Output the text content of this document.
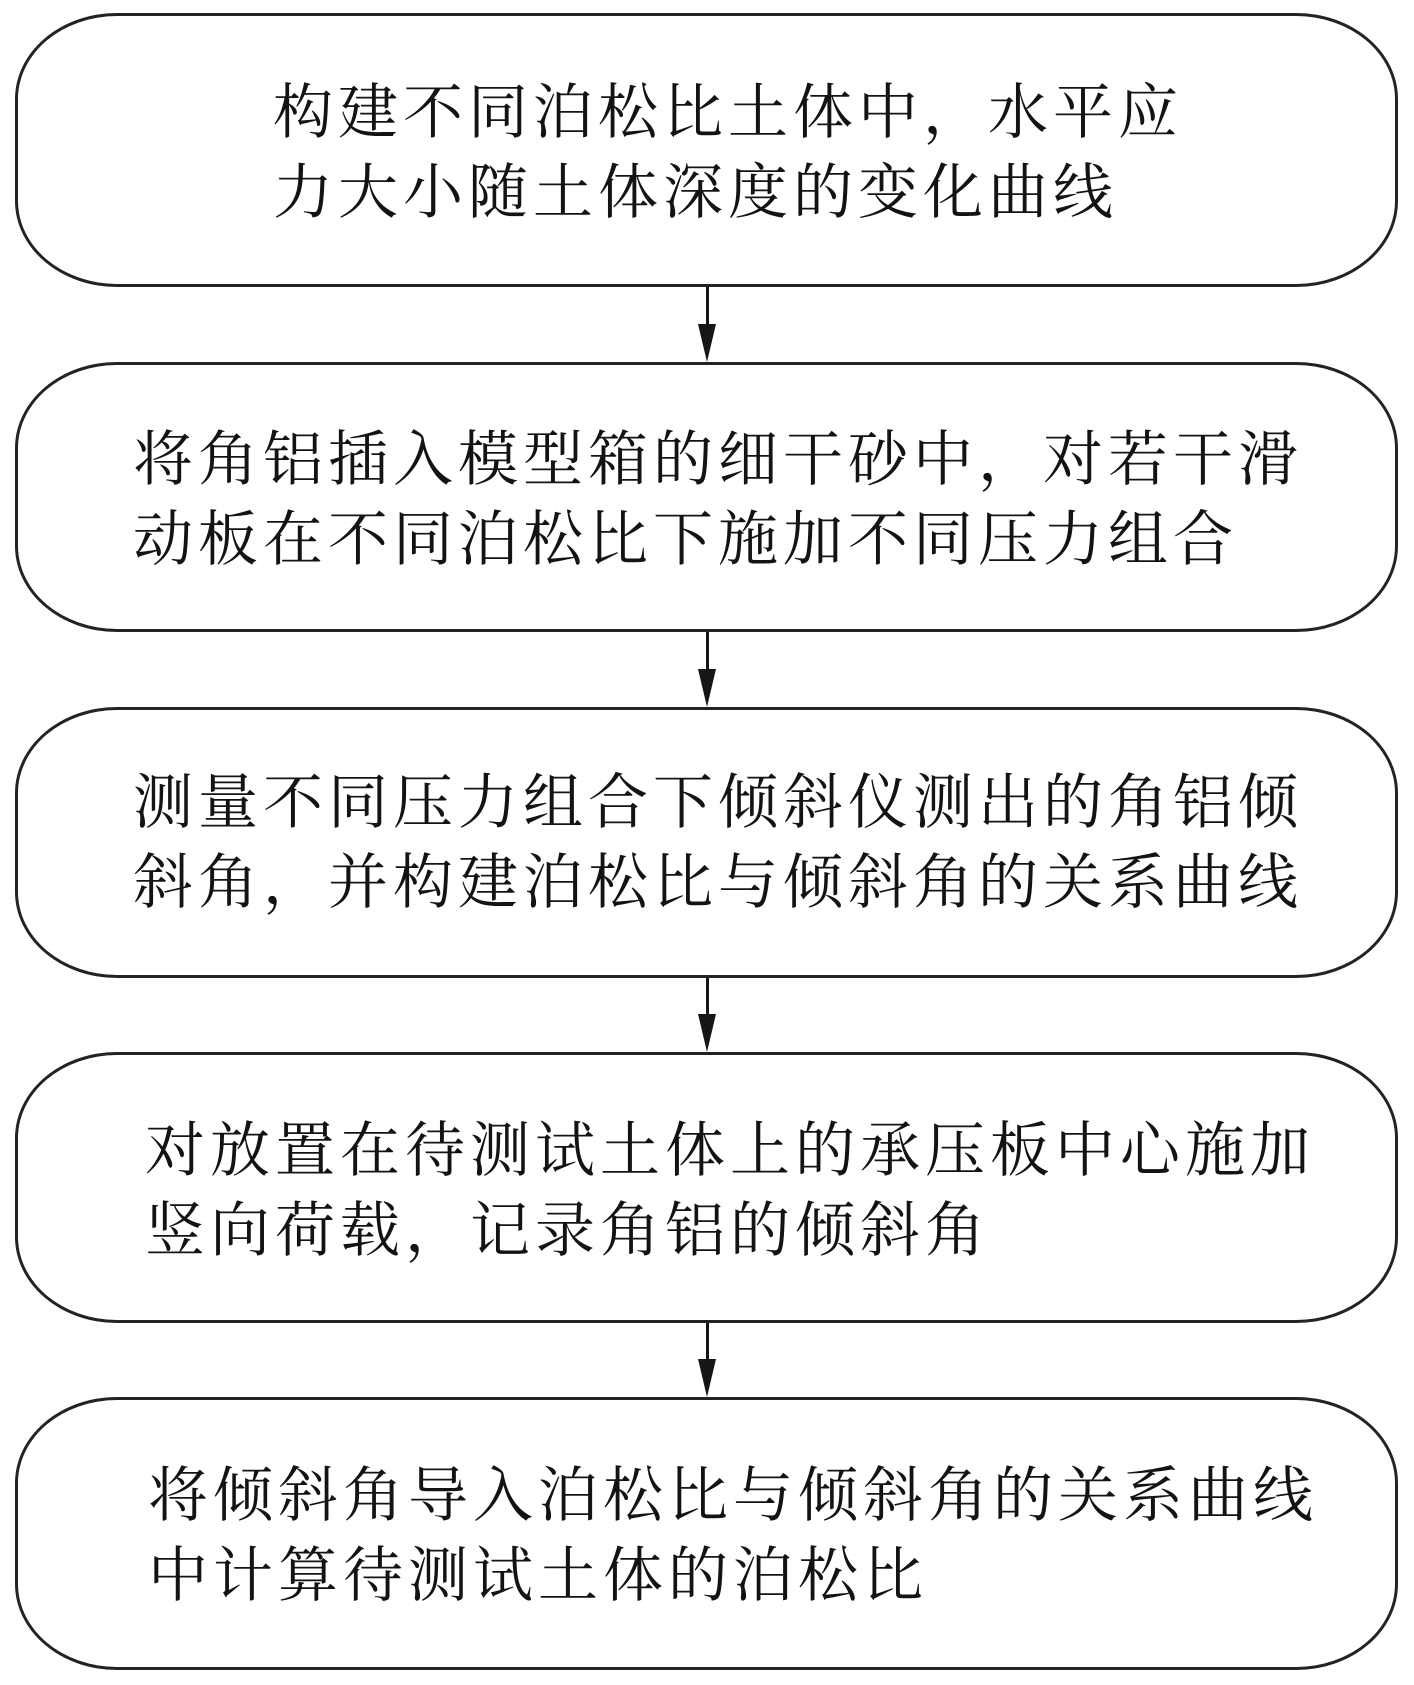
构建不同泊松比土体中，水平应
力大小随土体深度的变化曲线
将角铝插入模型箱的细干砂中，对若干滑
动板在不同泊松比下施加不同压力组合
测量不同压力组合下倾斜仪测出的角铝倾
斜角，并构建泊松比与倾斜角的关系曲线
对放置在待测试土体上的承压板中心施加
竖向荷载，记录角铝的倾斜角
将倾斜角导入泊松比与倾斜角的关系曲线
中计算待测试土体的泊松比
